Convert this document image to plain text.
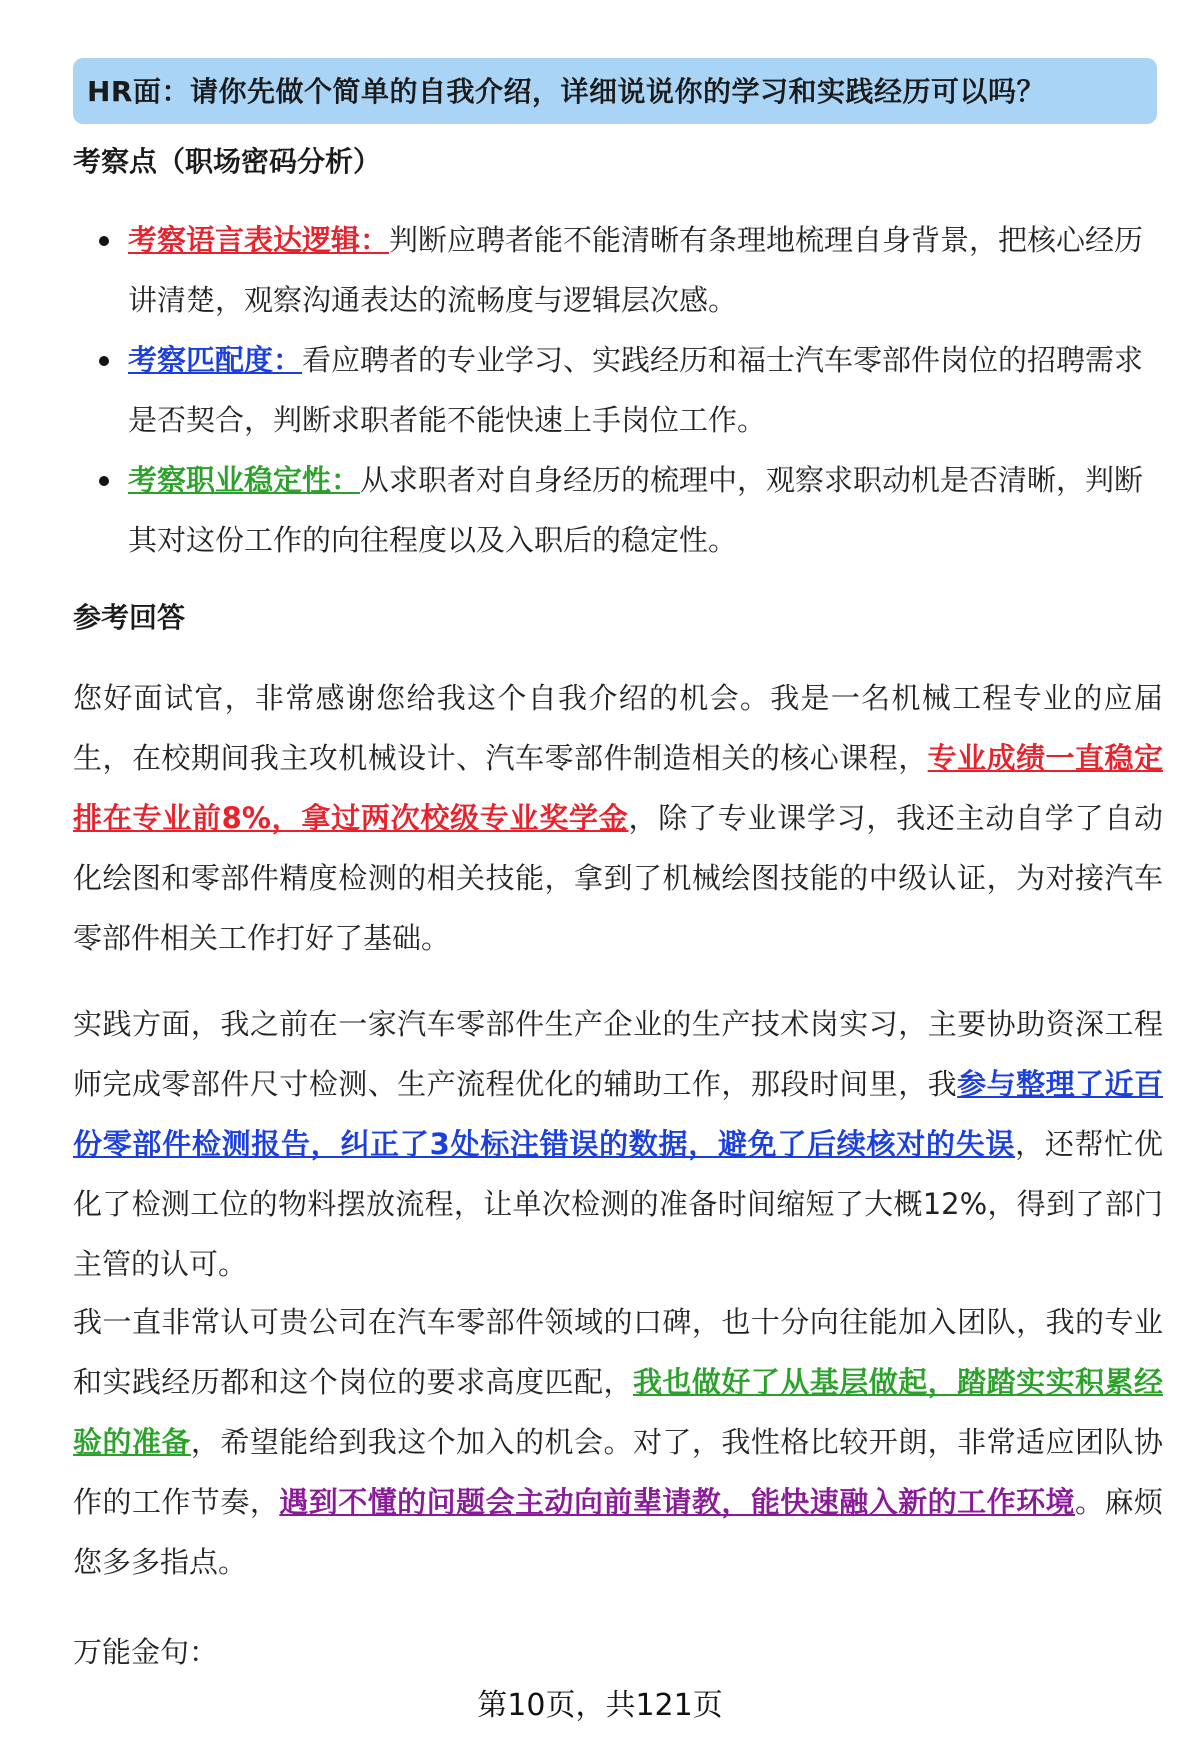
HR面：请你先做个简单的自我介绍，详细说说你的学习和实践经历可以吗？
考察点（职场密码分析）
考察语言表达逻辑：判断应聘者能不能清晰有条理地梳理自身背景，把核心经历讲清楚，观察沟通表达的流畅度与逻辑层次感。
考察匹配度：看应聘者的专业学习、实践经历和福士汽车零部件岗位的招聘需求是否契合，判断求职者能不能快速上手岗位工作。
考察职业稳定性：从求职者对自身经历的梳理中，观察求职动机是否清晰，判断其对这份工作的向往程度以及入职后的稳定性。
参考回答
您好面试官，非常感谢您给我这个自我介绍的机会。我是一名机械工程专业的应届生，在校期间我主攻机械设计、汽车零部件制造相关的核心课程，专业成绩一直稳定排在专业前8%，拿过两次校级专业奖学金，除了专业课学习，我还主动自学了自动化绘图和零部件精度检测的相关技能，拿到了机械绘图技能的中级认证，为对接汽车零部件相关工作打好了基础。
实践方面，我之前在一家汽车零部件生产企业的生产技术岗实习，主要协助资深工程师完成零部件尺寸检测、生产流程优化的辅助工作，那段时间里，我参与整理了近百份零部件检测报告，纠正了3处标注错误的数据，避免了后续核对的失误，还帮忙优化了检测工位的物料摆放流程，让单次检测的准备时间缩短了大概12%，得到了部门主管的认可。
我一直非常认可贵公司在汽车零部件领域的口碑，也十分向往能加入团队，我的专业和实践经历都和这个岗位的要求高度匹配，我也做好了从基层做起，踏踏实实积累经验的准备，希望能给到我这个加入的机会。对了，我性格比较开朗，非常适应团队协作的工作节奏，遇到不懂的问题会主动向前辈请教，能快速融入新的工作环境。麻烦您多多指点。
万能金句：
第10页，共121页
